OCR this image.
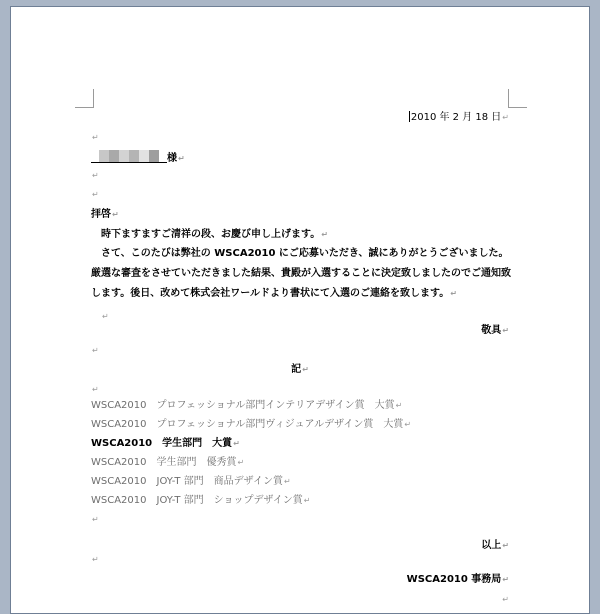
2010 年 2 月 18 日↵
↵
様↵
↵
↵
拝啓↵
時下ますますご清祥の段、お慶び申し上げます。↵
さて、このたびは弊社の WSCA2010 にご応募いただき、誠にありがとうございました。厳選な審査をさせていただきました結果、貴殿が入選することに決定致しましたのでご通知致します。後日、改めて株式会社ワールドより書状にて入選のご連絡を致します。↵
↵
敬具↵
↵
記↵
↵
WSCA2010　プロフェッショナル部門インテリアデザイン賞　大賞↵
WSCA2010　プロフェッショナル部門ヴィジュアルデザイン賞　大賞↵
WSCA2010　学生部門　大賞↵
WSCA2010　学生部門　優秀賞↵
WSCA2010　JOY-T 部門　商品デザイン賞↵
WSCA2010　JOY-T 部門　ショップデザイン賞↵
↵
以上↵
↵
WSCA2010 事務局↵
↵
